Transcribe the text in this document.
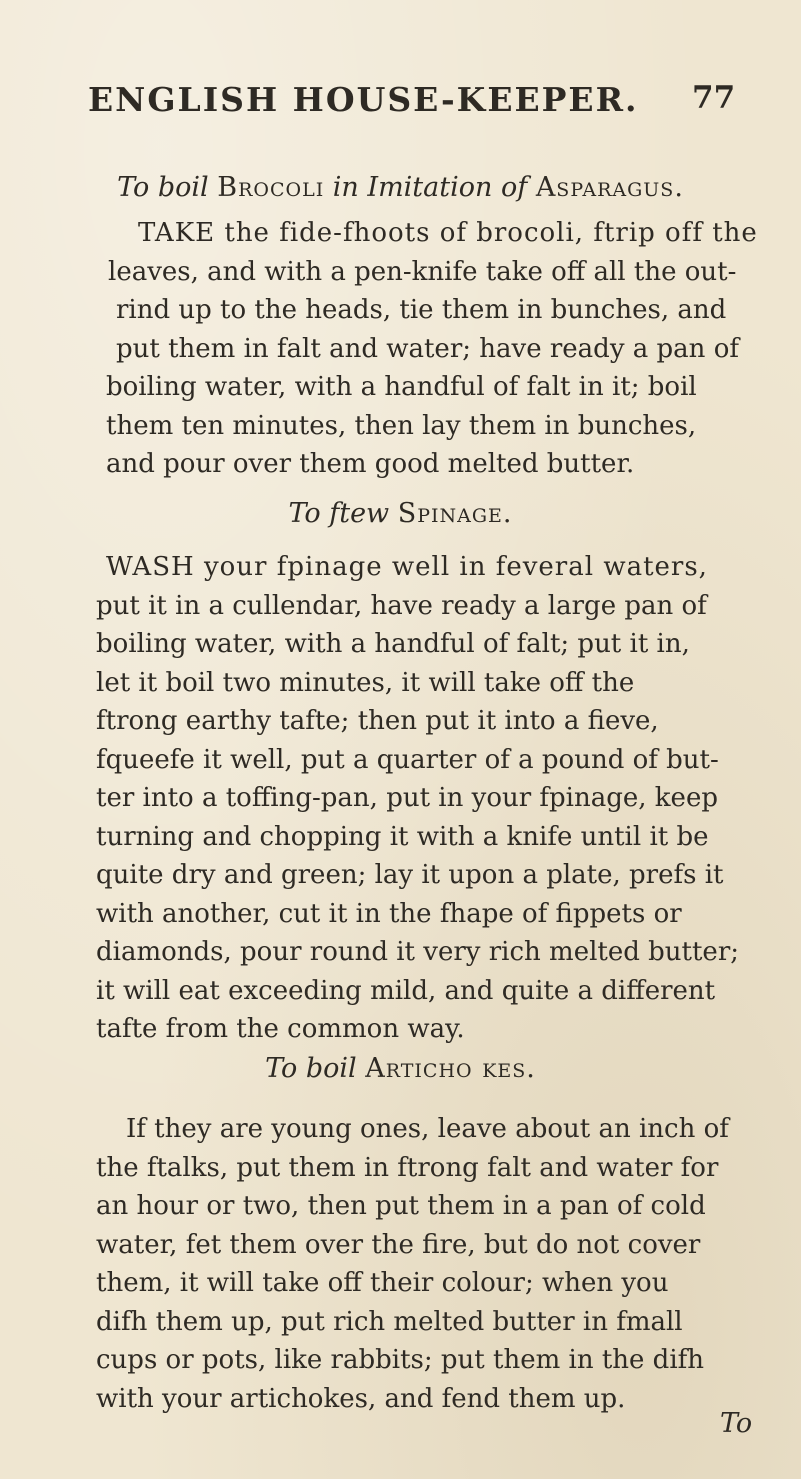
ENGLISH HOUSE-KEEPER.	77
To boil Brocoli in Imitation of Asparagus.
TAKE the fide-fhoots of brocoli, ftrip off the
leaves, and with a pen-knife take off all the out-
rind up to the heads, tie them in bunches, and
put them in falt and water; have ready a pan of
boiling water, with a handful of falt in it; boil
them ten minutes, then lay them in bunches,
and pour over them good melted butter.
To ftew Spinage.
WASH your fpinage well in feveral waters,
put it in a cullendar, have ready a large pan of
boiling water, with a handful of falt; put it in,
let it boil two minutes, it will take off the
ftrong earthy tafte; then put it into a fieve,
fqueefe it well, put a quarter of a pound of but-
ter into a toffing-pan, put in your fpinage, keep
turning and chopping it with a knife until it be
quite dry and green; lay it upon a plate, prefs it
with another, cut it in the fhape of fippets or
diamonds, pour round it very rich melted butter;
it will eat exceeding mild, and quite a different
tafte from the common way.
To boil Articho kes.
If they are young ones, leave about an inch of
the ftalks, put them in ftrong falt and water for
an hour or two, then put them in a pan of cold
water, fet them over the fire, but do not cover
them, it will take off their colour; when you
difh them up, put rich melted butter in fmall
cups or pots, like rabbits; put them in the difh
with your artichokes, and fend them up.
To
